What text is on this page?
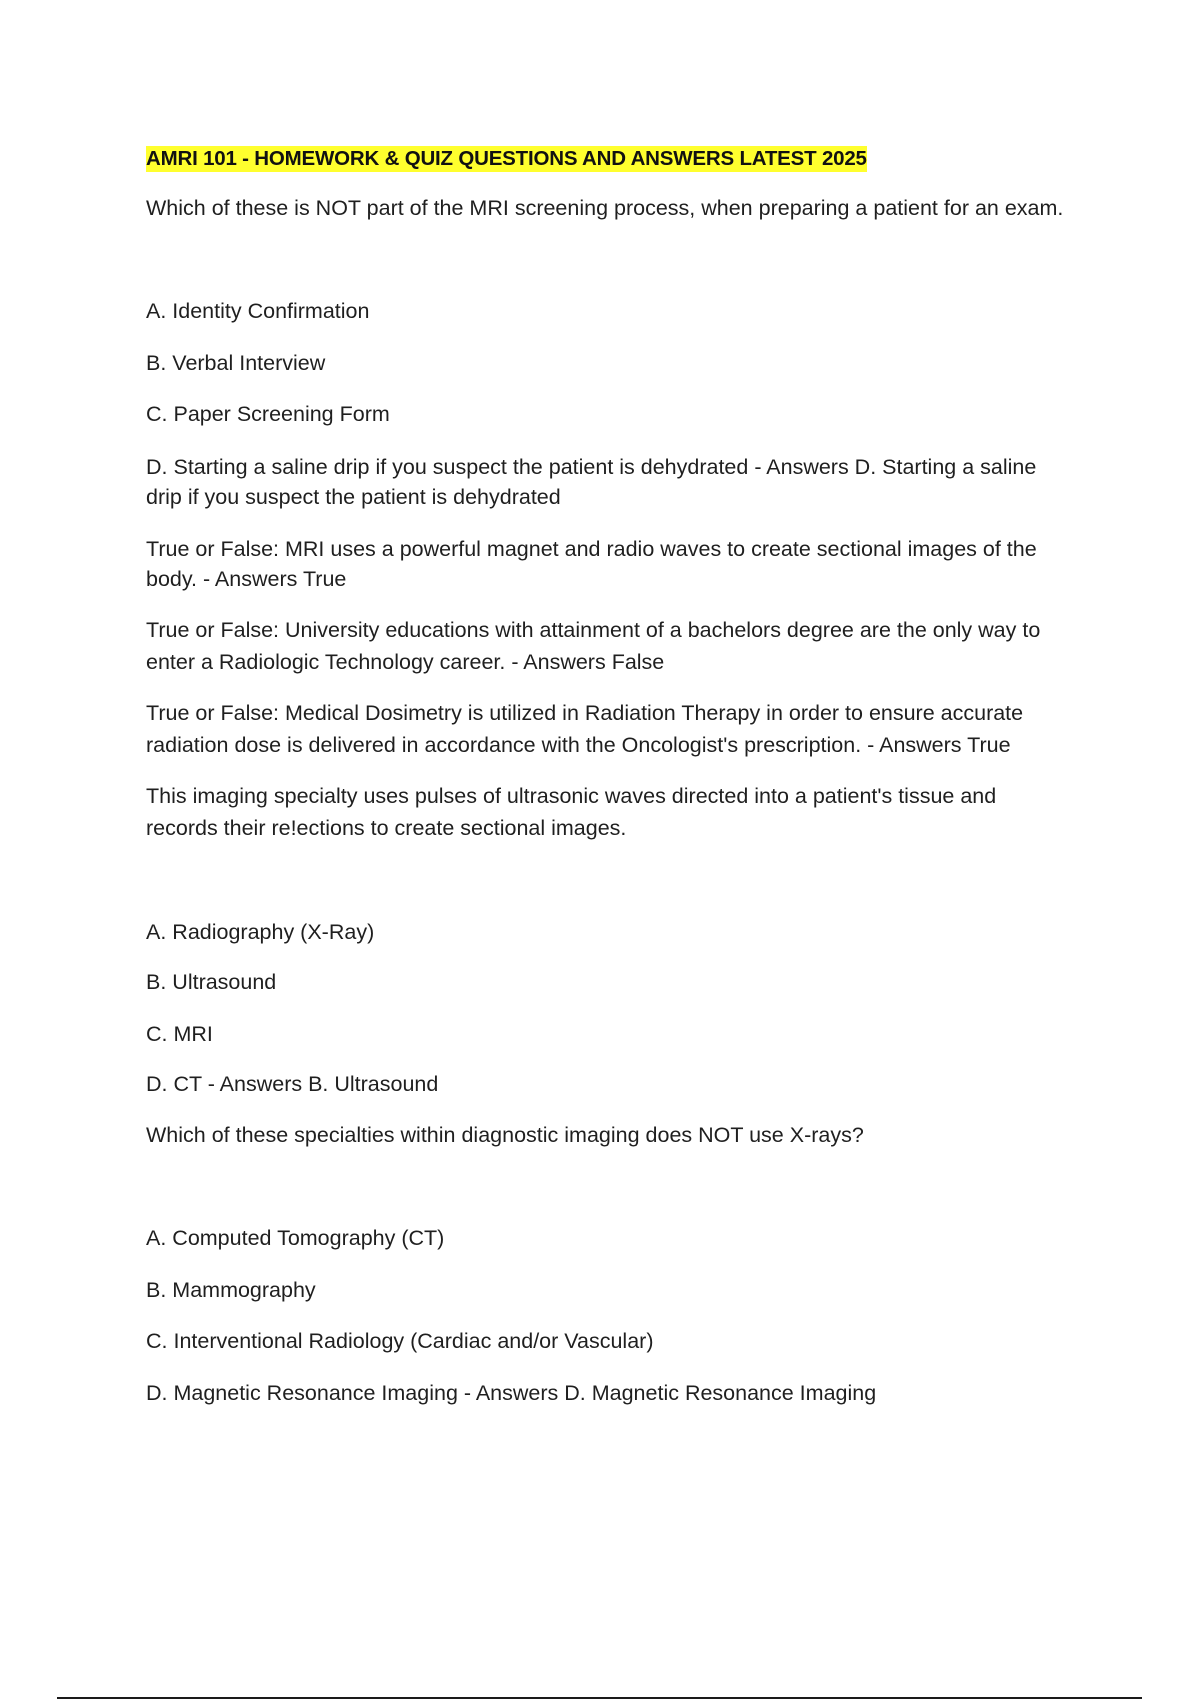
AMRI 101 - HOMEWORK & QUIZ QUESTIONS AND ANSWERS LATEST 2025

Which of these is NOT part of the MRI screening process, when preparing a patient for an exam.

A. Identity Confirmation

B. Verbal Interview

C. Paper Screening Form

D. Starting a saline drip if you suspect the patient is dehydrated - Answers D. Starting a saline

drip if you suspect the patient is dehydrated

True or False: MRI uses a powerful magnet and radio waves to create sectional images of the

body. - Answers True

True or False: University educations with attainment of a bachelors degree are the only way to

enter a Radiologic Technology career. - Answers False

True or False: Medical Dosimetry is utilized in Radiation Therapy in order to ensure accurate

radiation dose is delivered in accordance with the Oncologist's prescription. - Answers True

This imaging specialty uses pulses of ultrasonic waves directed into a patient's tissue and

records their re!ections to create sectional images.

A. Radiography (X-Ray)

B. Ultrasound

C. MRI

D. CT - Answers B. Ultrasound

Which of these specialties within diagnostic imaging does NOT use X-rays?

A. Computed Tomography (CT)

B. Mammography

C. Interventional Radiology (Cardiac and/or Vascular)

D. Magnetic Resonance Imaging - Answers D. Magnetic Resonance Imaging
